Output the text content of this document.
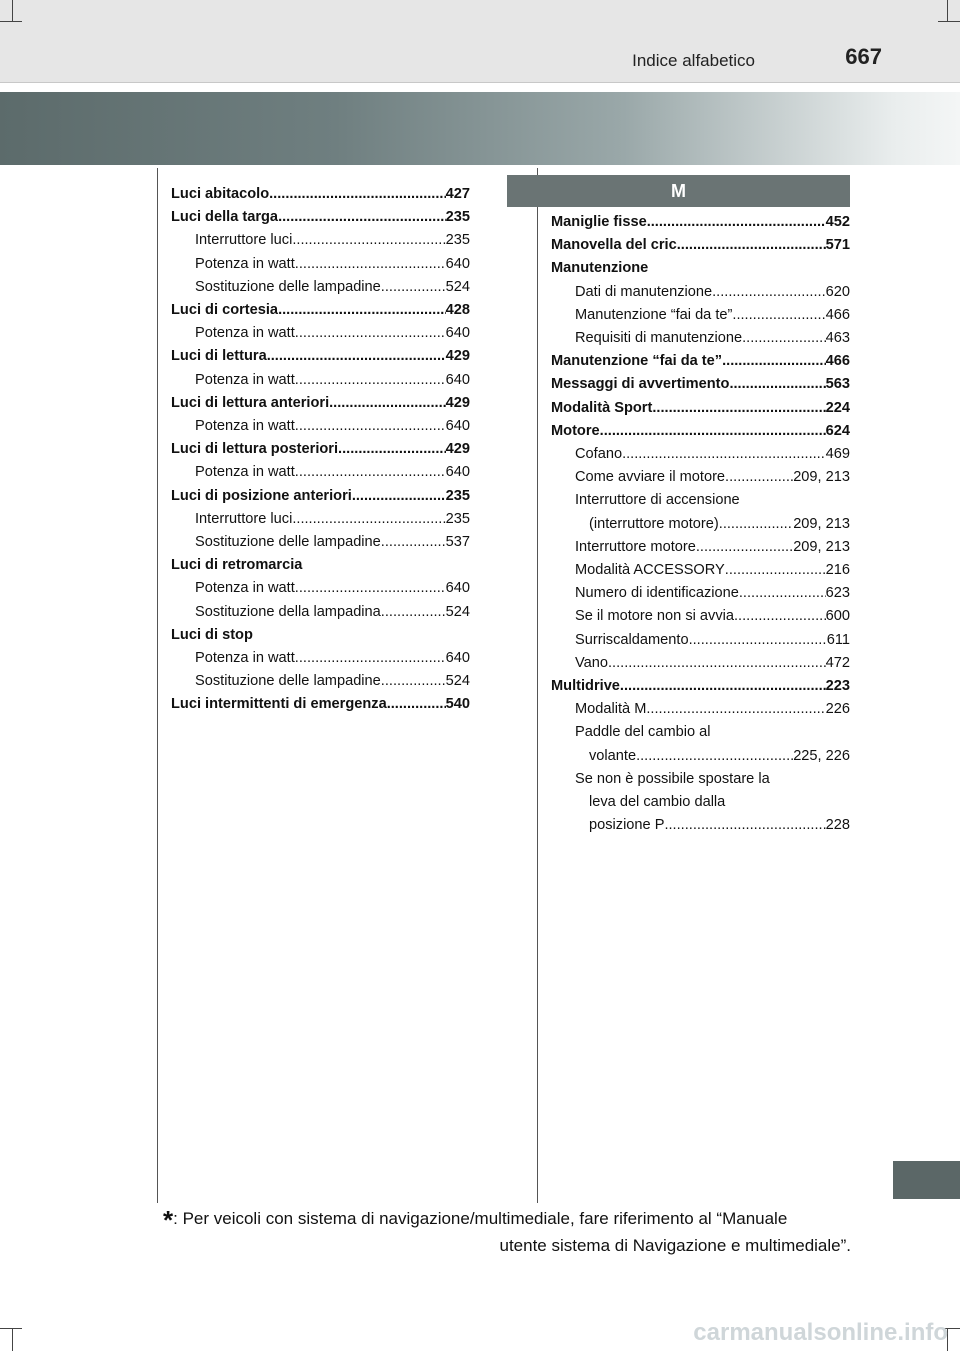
Indice alfabetico	667
M
Luci abitacolo .....	427
Luci della targa .....	235
Interruttore luci .....	235
Potenza in watt .....	640
Sostituzione delle lampadine .....	524
Luci di cortesia .....	428
Potenza in watt .....	640
Luci di lettura .....	429
Potenza in watt .....	640
Luci di lettura anteriori .....	429
Potenza in watt .....	640
Luci di lettura posteriori .....	429
Potenza in watt .....	640
Luci di posizione anteriori .....	235
Interruttore luci .....	235
Sostituzione delle lampadine .....	537
Luci di retromarcia
Potenza in watt .....	640
Sostituzione della lampadina .....	524
Luci di stop
Potenza in watt .....	640
Sostituzione delle lampadine .....	524
Luci intermittenti di emergenza .....	540
Maniglie fisse .....	452
Manovella del cric .....	571
Manutenzione
Dati di manutenzione .....	620
Manutenzione “fai da te” .....	466
Requisiti di manutenzione .....	463
Manutenzione “fai da te” .....	466
Messaggi di avvertimento .....	563
Modalità Sport .....	224
Motore .....	624
Cofano .....	469
Come avviare il motore .....	209, 213
Interruttore di accensione
(interruttore motore) .....	209, 213
Interruttore motore .....	209, 213
Modalità ACCESSORY .....	216
Numero di identificazione .....	623
Se il motore non si avvia .....	600
Surriscaldamento .....	611
Vano .....	472
Multidrive .....	223
Modalità M .....	226
Paddle del cambio al
volante .....	225, 226
Se non è possibile spostare la
leva del cambio dalla
posizione P .....	228
*: Per veicoli con sistema di navigazione/multimediale, fare riferimento al “Manuale
utente sistema di Navigazione e multimediale”.
carmanualsonline.info
